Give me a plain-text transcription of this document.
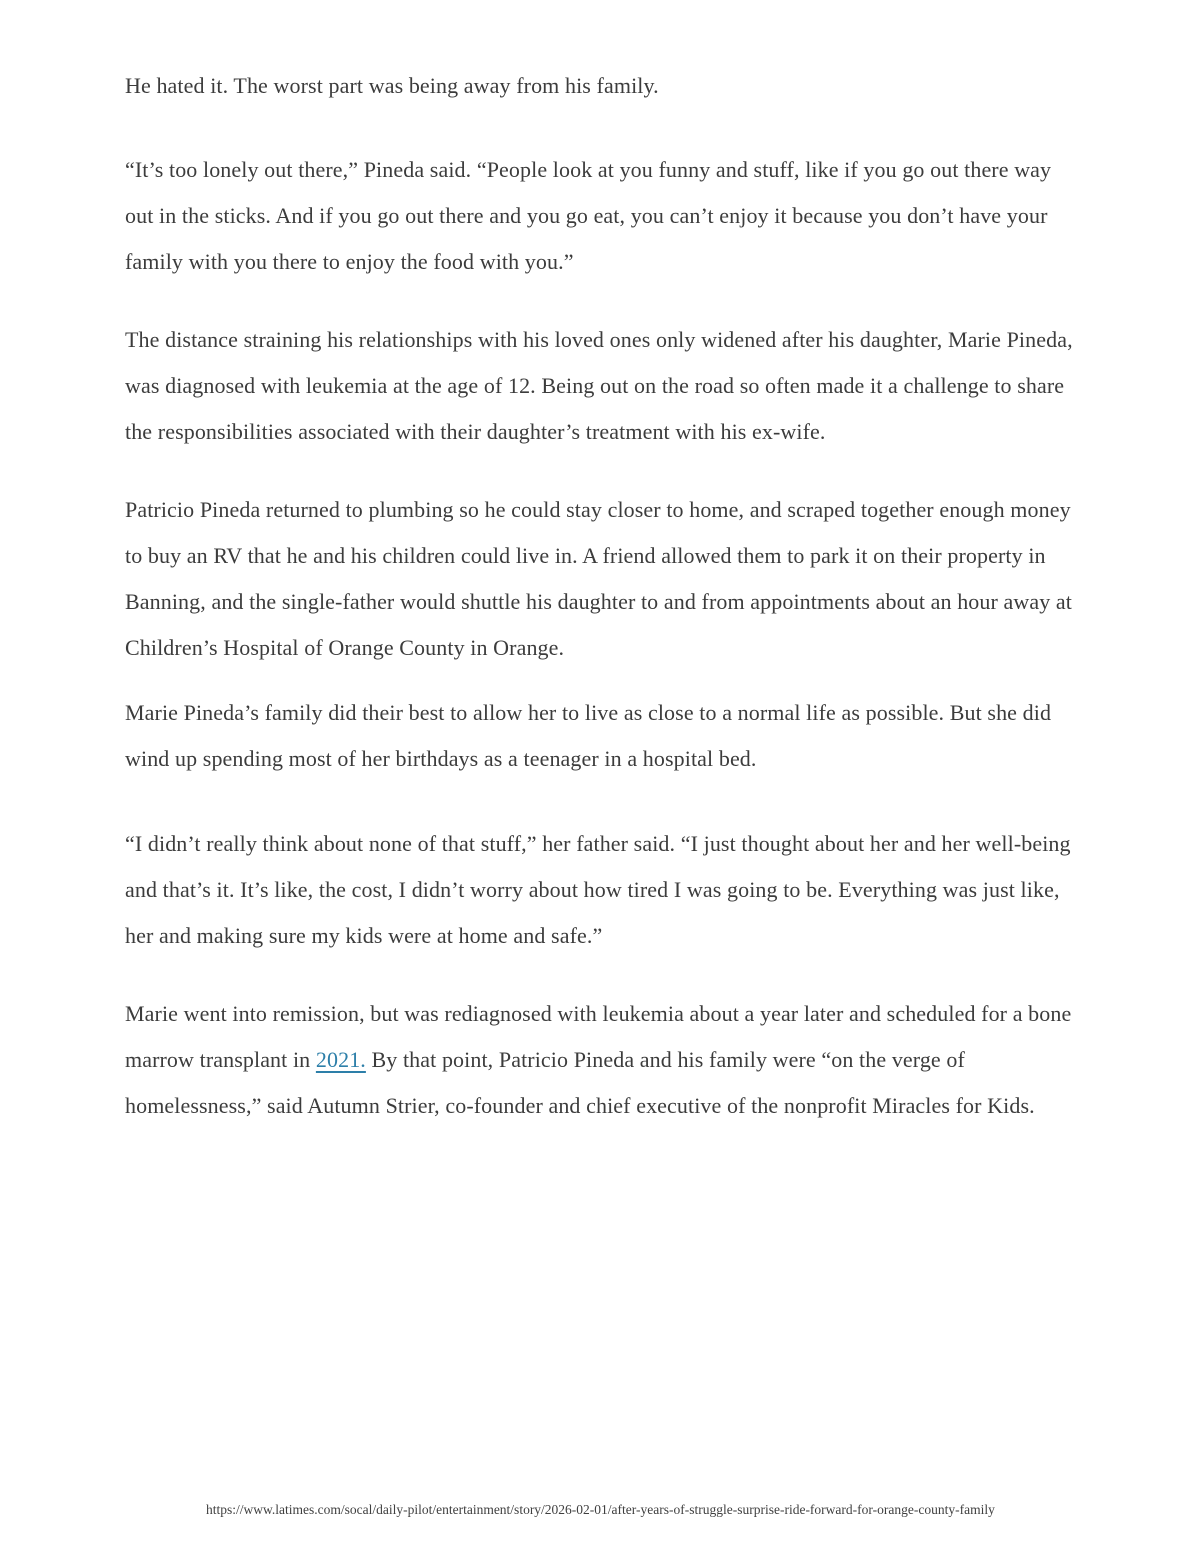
He hated it. The worst part was being away from his family.

“It’s too lonely out there,” Pineda said. “People look at you funny and stuff, like if you go out there way out in the sticks. And if you go out there and you go eat, you can’t enjoy it because you don’t have your family with you there to enjoy the food with you.”

The distance straining his relationships with his loved ones only widened after his daughter, Marie Pineda, was diagnosed with leukemia at the age of 12. Being out on the road so often made it a challenge to share the responsibilities associated with their daughter’s treatment with his ex-wife.

Patricio Pineda returned to plumbing so he could stay closer to home, and scraped together enough money to buy an RV that he and his children could live in. A friend allowed them to park it on their property in Banning, and the single-father would shuttle his daughter to and from appointments about an hour away at Children’s Hospital of Orange County in Orange.

Marie Pineda’s family did their best to allow her to live as close to a normal life as possible. But she did wind up spending most of her birthdays as a teenager in a hospital bed.

“I didn’t really think about none of that stuff,” her father said. “I just thought about her and her well-being and that’s it. It’s like, the cost, I didn’t worry about how tired I was going to be. Everything was just like, her and making sure my kids were at home and safe.”

Marie went into remission, but was rediagnosed with leukemia about a year later and scheduled for a bone marrow transplant in 2021. By that point, Patricio Pineda and his family were “on the verge of homelessness,” said Autumn Strier, co-founder and chief executive of the nonprofit Miracles for Kids.

https://www.latimes.com/socal/daily-pilot/entertainment/story/2026-02-01/after-years-of-struggle-surprise-ride-forward-for-orange-county-family
